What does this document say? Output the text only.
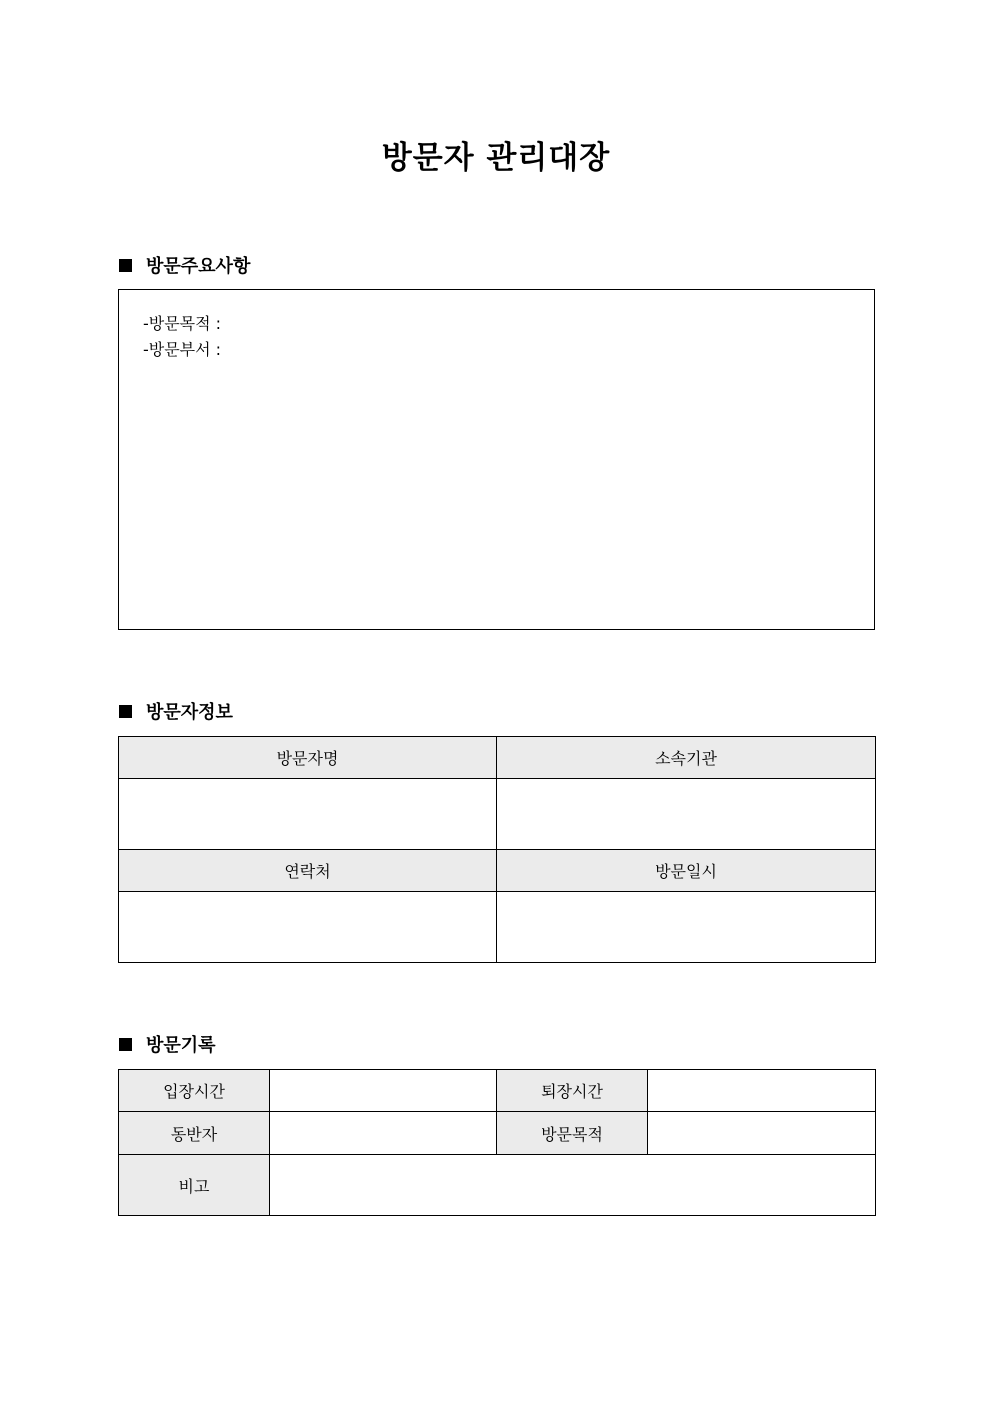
방문자 관리대장
방문주요사항
-방문목적 :
-방문부서 :
방문자정보
방문자명	소속기관

연락처	방문일시

방문기록
입장시간		퇴장시간	
동반자		방문목적	
비고			
